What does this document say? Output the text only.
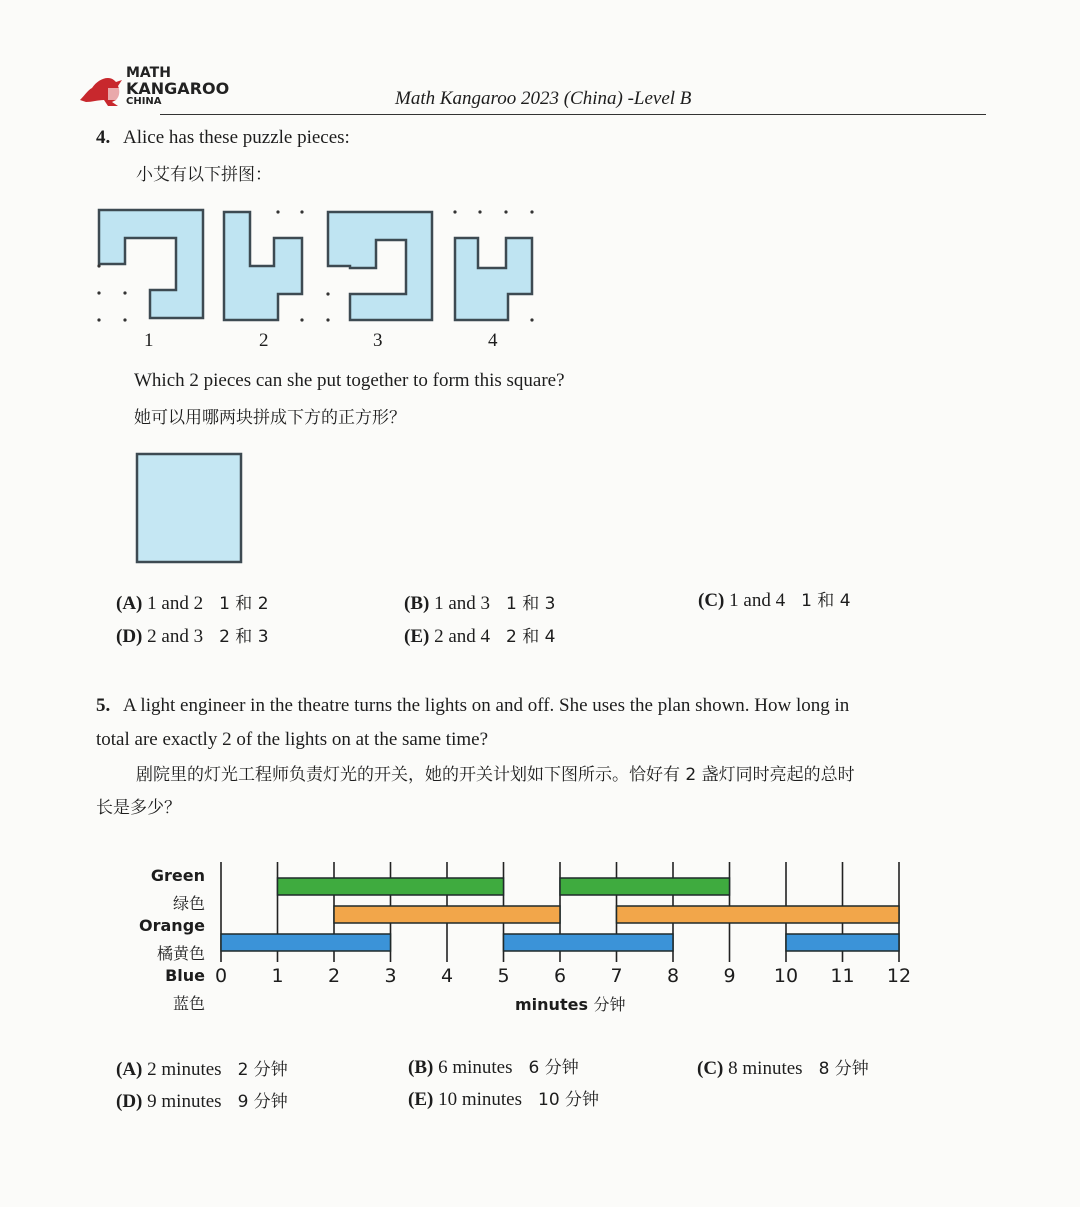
MATH
KANGAROO
CHINA	Math Kangaroo 2023 (China) -Level B
4. Alice has these puzzle pieces:
小艾有以下拼图：
1	2	3	4
Which 2 pieces can she put together to form this square?
她可以用哪两块拼成下方的正方形？
(A) 1 and 2 1 和 2	(B) 1 and 3 1 和 3	(C) 1 and 4 1 和 4
(D) 2 and 3 2 和 3	(E) 2 and 4 2 和 4
5. A light engineer in the theatre turns the lights on and off. She uses the plan shown. How long in
total are exactly 2 of the lights on at the same time?
剧院里的灯光工程师负责灯光的开关，她的开关计划如下图所示。恰好有 2 盏灯同时亮起的总时
长是多少？
Green
绿色
Orange
橘黄色
Blue
蓝色
0 1 2 3 4 5 6 7 8 9 10 11 12
minutes 分钟
(A) 2 minutes 2 分钟	(B) 6 minutes 6 分钟	(C) 8 minutes 8 分钟
(D) 9 minutes 9 分钟	(E) 10 minutes 10 分钟
